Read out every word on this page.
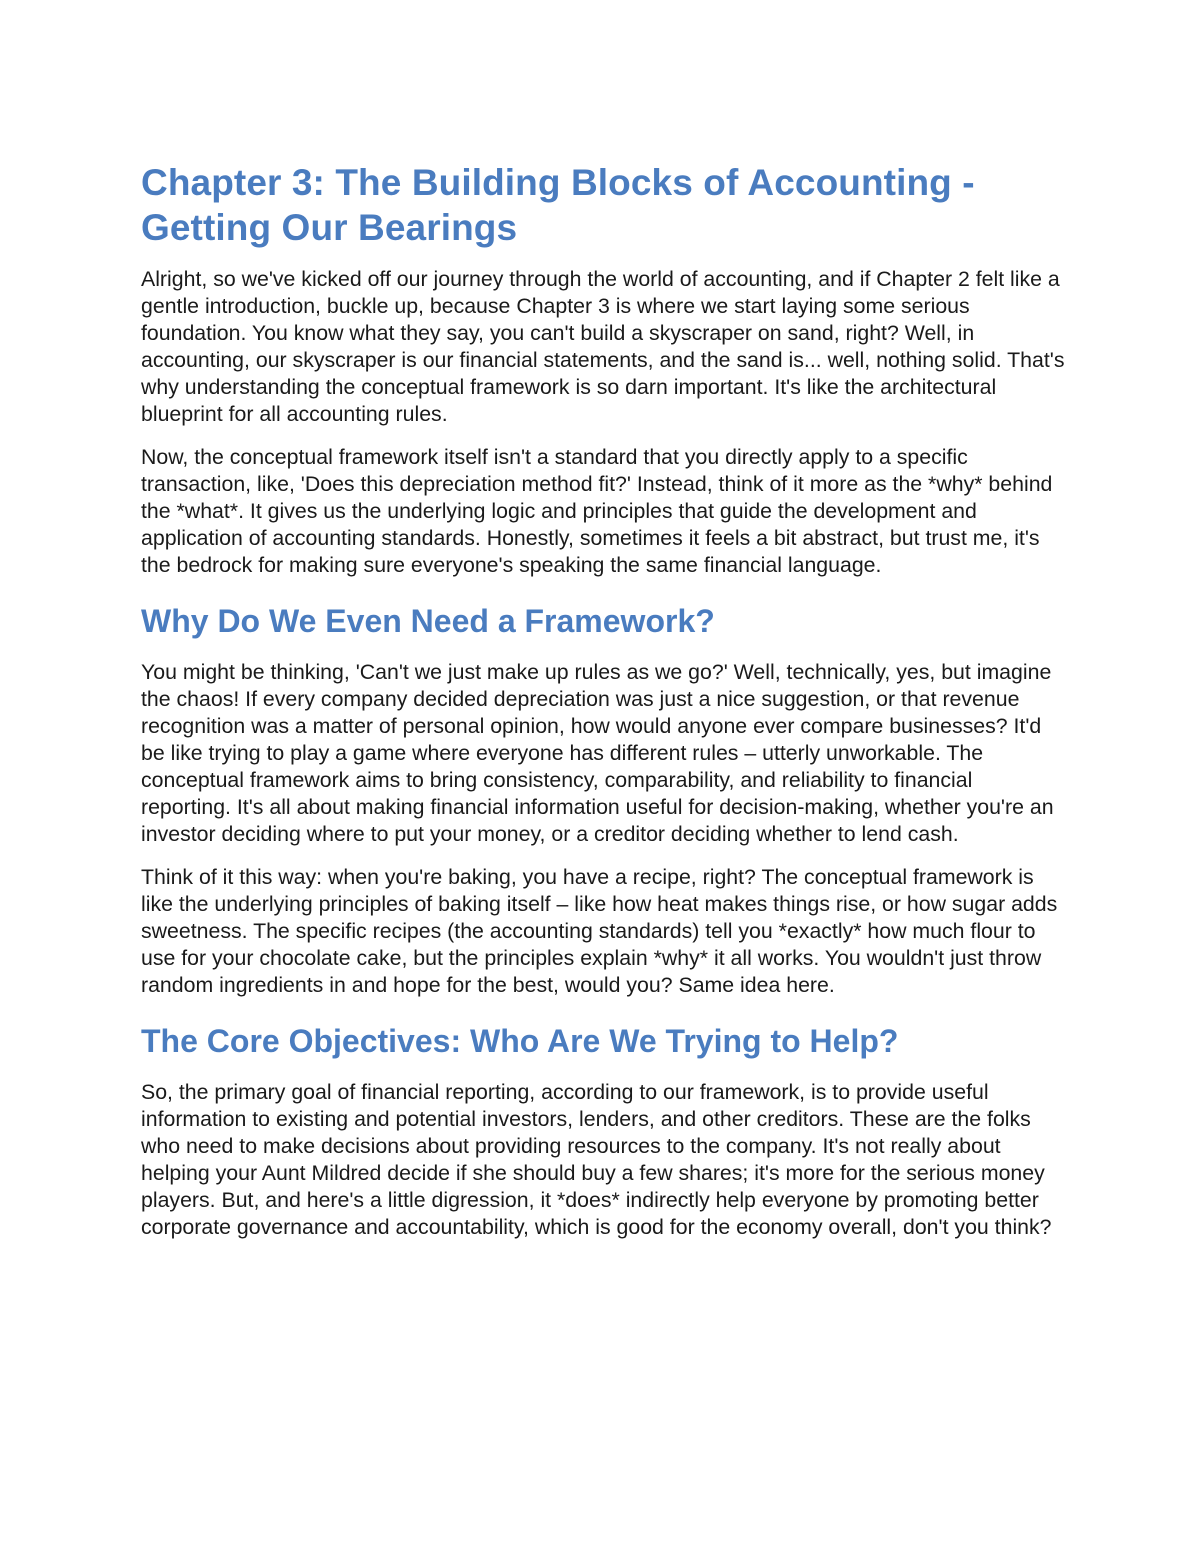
Chapter 3: The Building Blocks of Accounting - Getting Our Bearings

Alright, so we've kicked off our journey through the world of accounting, and if Chapter 2 felt like a gentle introduction, buckle up, because Chapter 3 is where we start laying some serious foundation. You know what they say, you can't build a skyscraper on sand, right? Well, in accounting, our skyscraper is our financial statements, and the sand is... well, nothing solid. That's why understanding the conceptual framework is so darn important. It's like the architectural blueprint for all accounting rules.

Now, the conceptual framework itself isn't a standard that you directly apply to a specific transaction, like, 'Does this depreciation method fit?' Instead, think of it more as the *why* behind the *what*. It gives us the underlying logic and principles that guide the development and application of accounting standards. Honestly, sometimes it feels a bit abstract, but trust me, it's the bedrock for making sure everyone's speaking the same financial language.

Why Do We Even Need a Framework?

You might be thinking, 'Can't we just make up rules as we go?' Well, technically, yes, but imagine the chaos! If every company decided depreciation was just a nice suggestion, or that revenue recognition was a matter of personal opinion, how would anyone ever compare businesses? It'd be like trying to play a game where everyone has different rules – utterly unworkable. The conceptual framework aims to bring consistency, comparability, and reliability to financial reporting. It's all about making financial information useful for decision-making, whether you're an investor deciding where to put your money, or a creditor deciding whether to lend cash.

Think of it this way: when you're baking, you have a recipe, right? The conceptual framework is like the underlying principles of baking itself – like how heat makes things rise, or how sugar adds sweetness. The specific recipes (the accounting standards) tell you *exactly* how much flour to use for your chocolate cake, but the principles explain *why* it all works. You wouldn't just throw random ingredients in and hope for the best, would you? Same idea here.

The Core Objectives: Who Are We Trying to Help?

So, the primary goal of financial reporting, according to our framework, is to provide useful information to existing and potential investors, lenders, and other creditors. These are the folks who need to make decisions about providing resources to the company. It's not really about helping your Aunt Mildred decide if she should buy a few shares; it's more for the serious money players. But, and here's a little digression, it *does* indirectly help everyone by promoting better corporate governance and accountability, which is good for the economy overall, don't you think?
